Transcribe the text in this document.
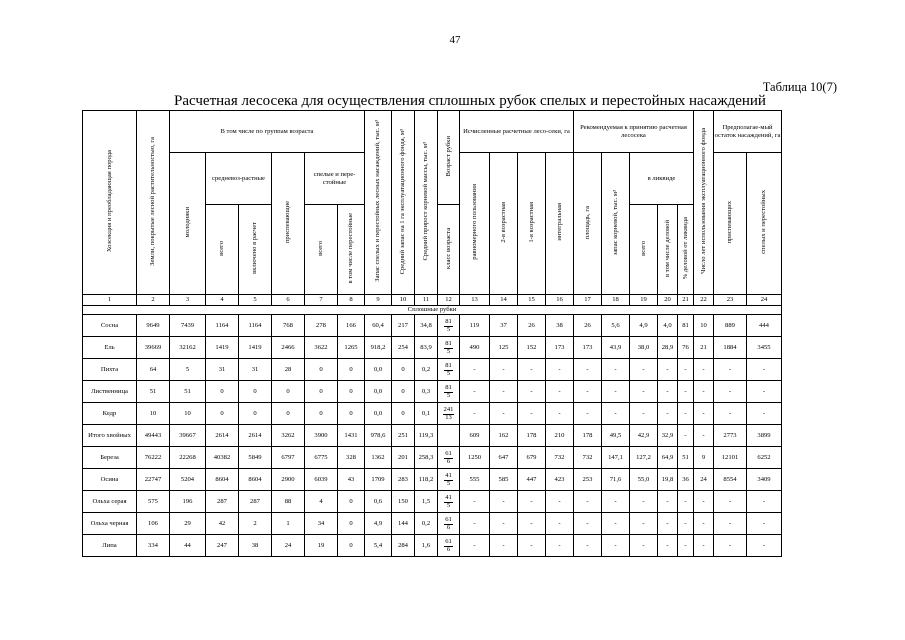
47
Таблица 10(7)
Расчетная лесосека для осуществления сплошных рубок спелых и перестойных насаждений
Хозсекция и преобладающая порода	Земли, покрытые лесной растительностью, га	В том числе по группам возраста						Запас спелых и перестойных лесных насаждений, тыс. м³	Средний запас на 1 га эксплуатационного фонда, м³	Средний прирост корневой массы, тыс. м³	Возраст рубки	Исчисленные расчетные лесо-секи, га				Рекомендуемая к принятию расчетная лесосека					Число лет использования эксплуатационного фонда	Предполагае-мый остаток насаждений, га	
		молодняки	средневоз-растные		приспевающие	спелые и пере-стойные						равномерного пользования	2-я возрастная	1-я возрастная	интегральная	площадь, га	запас корневой, тыс. м³	в ликвиде				приспевающих	спелых и перестойных
			всего	включено в расчет		всего	в том числе перестойные				класс возраста							всего	в том числе деловой	% деловой от ликвида			
1	2	3	4	5	6	7	8	9	10	11	12	13	14	15	16	17	18	19	20	21	22	23	24
Сплошные рубки																							
Сосна	9649	7439	1164	1164	768	278	166	60,4	217	34,8	$\frac{81}{5}$	119	37	26	38	26	5,6	4,9	4,0	81	10	889	444
Ель	39669	32162	1419	1419	2466	3622	1265	918,2	254	83,9	$\frac{81}{5}$	490	125	152	173	173	43,9	38,0	28,9	76	21	1884	3455
Пихта	64	5	31	31	28	0	0	0,0	0	0,2	$\frac{81}{5}$	-	-	-	-	-	-	-	-	-	-	-	-
Лиственница	51	51	0	0	0	0	0	0,0	0	0,3	$\frac{81}{5}$	-	-	-	-	-	-	-	-	-	-	-	-
Кедр	10	10	0	0	0	0	0	0,0	0	0,1	$\frac{241}{13}$	-	-	-	-	-	-	-	-	-	-	-	-
Итого хвойных	49443	39667	2614	2614	3262	3900	1431	978,6	251	119,3		609	162	178	210	178	49,5	42,9	32,9	-	-	2773	3899
Береза	76222	22268	40382	5849	6797	6775	328	1362	201	258,3	$\frac{61}{6}$	1250	647	679	732	732	147,1	127,2	64,9	51	9	12101	6252
Осина	22747	5204	8604	8604	2900	6039	43	1709	283	118,2	$\frac{41}{5}$	555	585	447	423	253	71,6	55,0	19,8	36	24	8554	3409
Ольха серая	575	196	287	287	88	4	0	0,6	150	1,5	$\frac{41}{5}$	-	-	-	-	-	-	-	-	-	-	-	-
Ольха черная	106	29	42	2	1	34	0	4,9	144	0,2	$\frac{61}{6}$	-	-	-	-	-	-	-	-	-	-	-	-
Липа	334	44	247	38	24	19	0	5,4	284	1,6	$\frac{61}{6}$	-	-	-	-	-	-	-	-	-	-	-	-
